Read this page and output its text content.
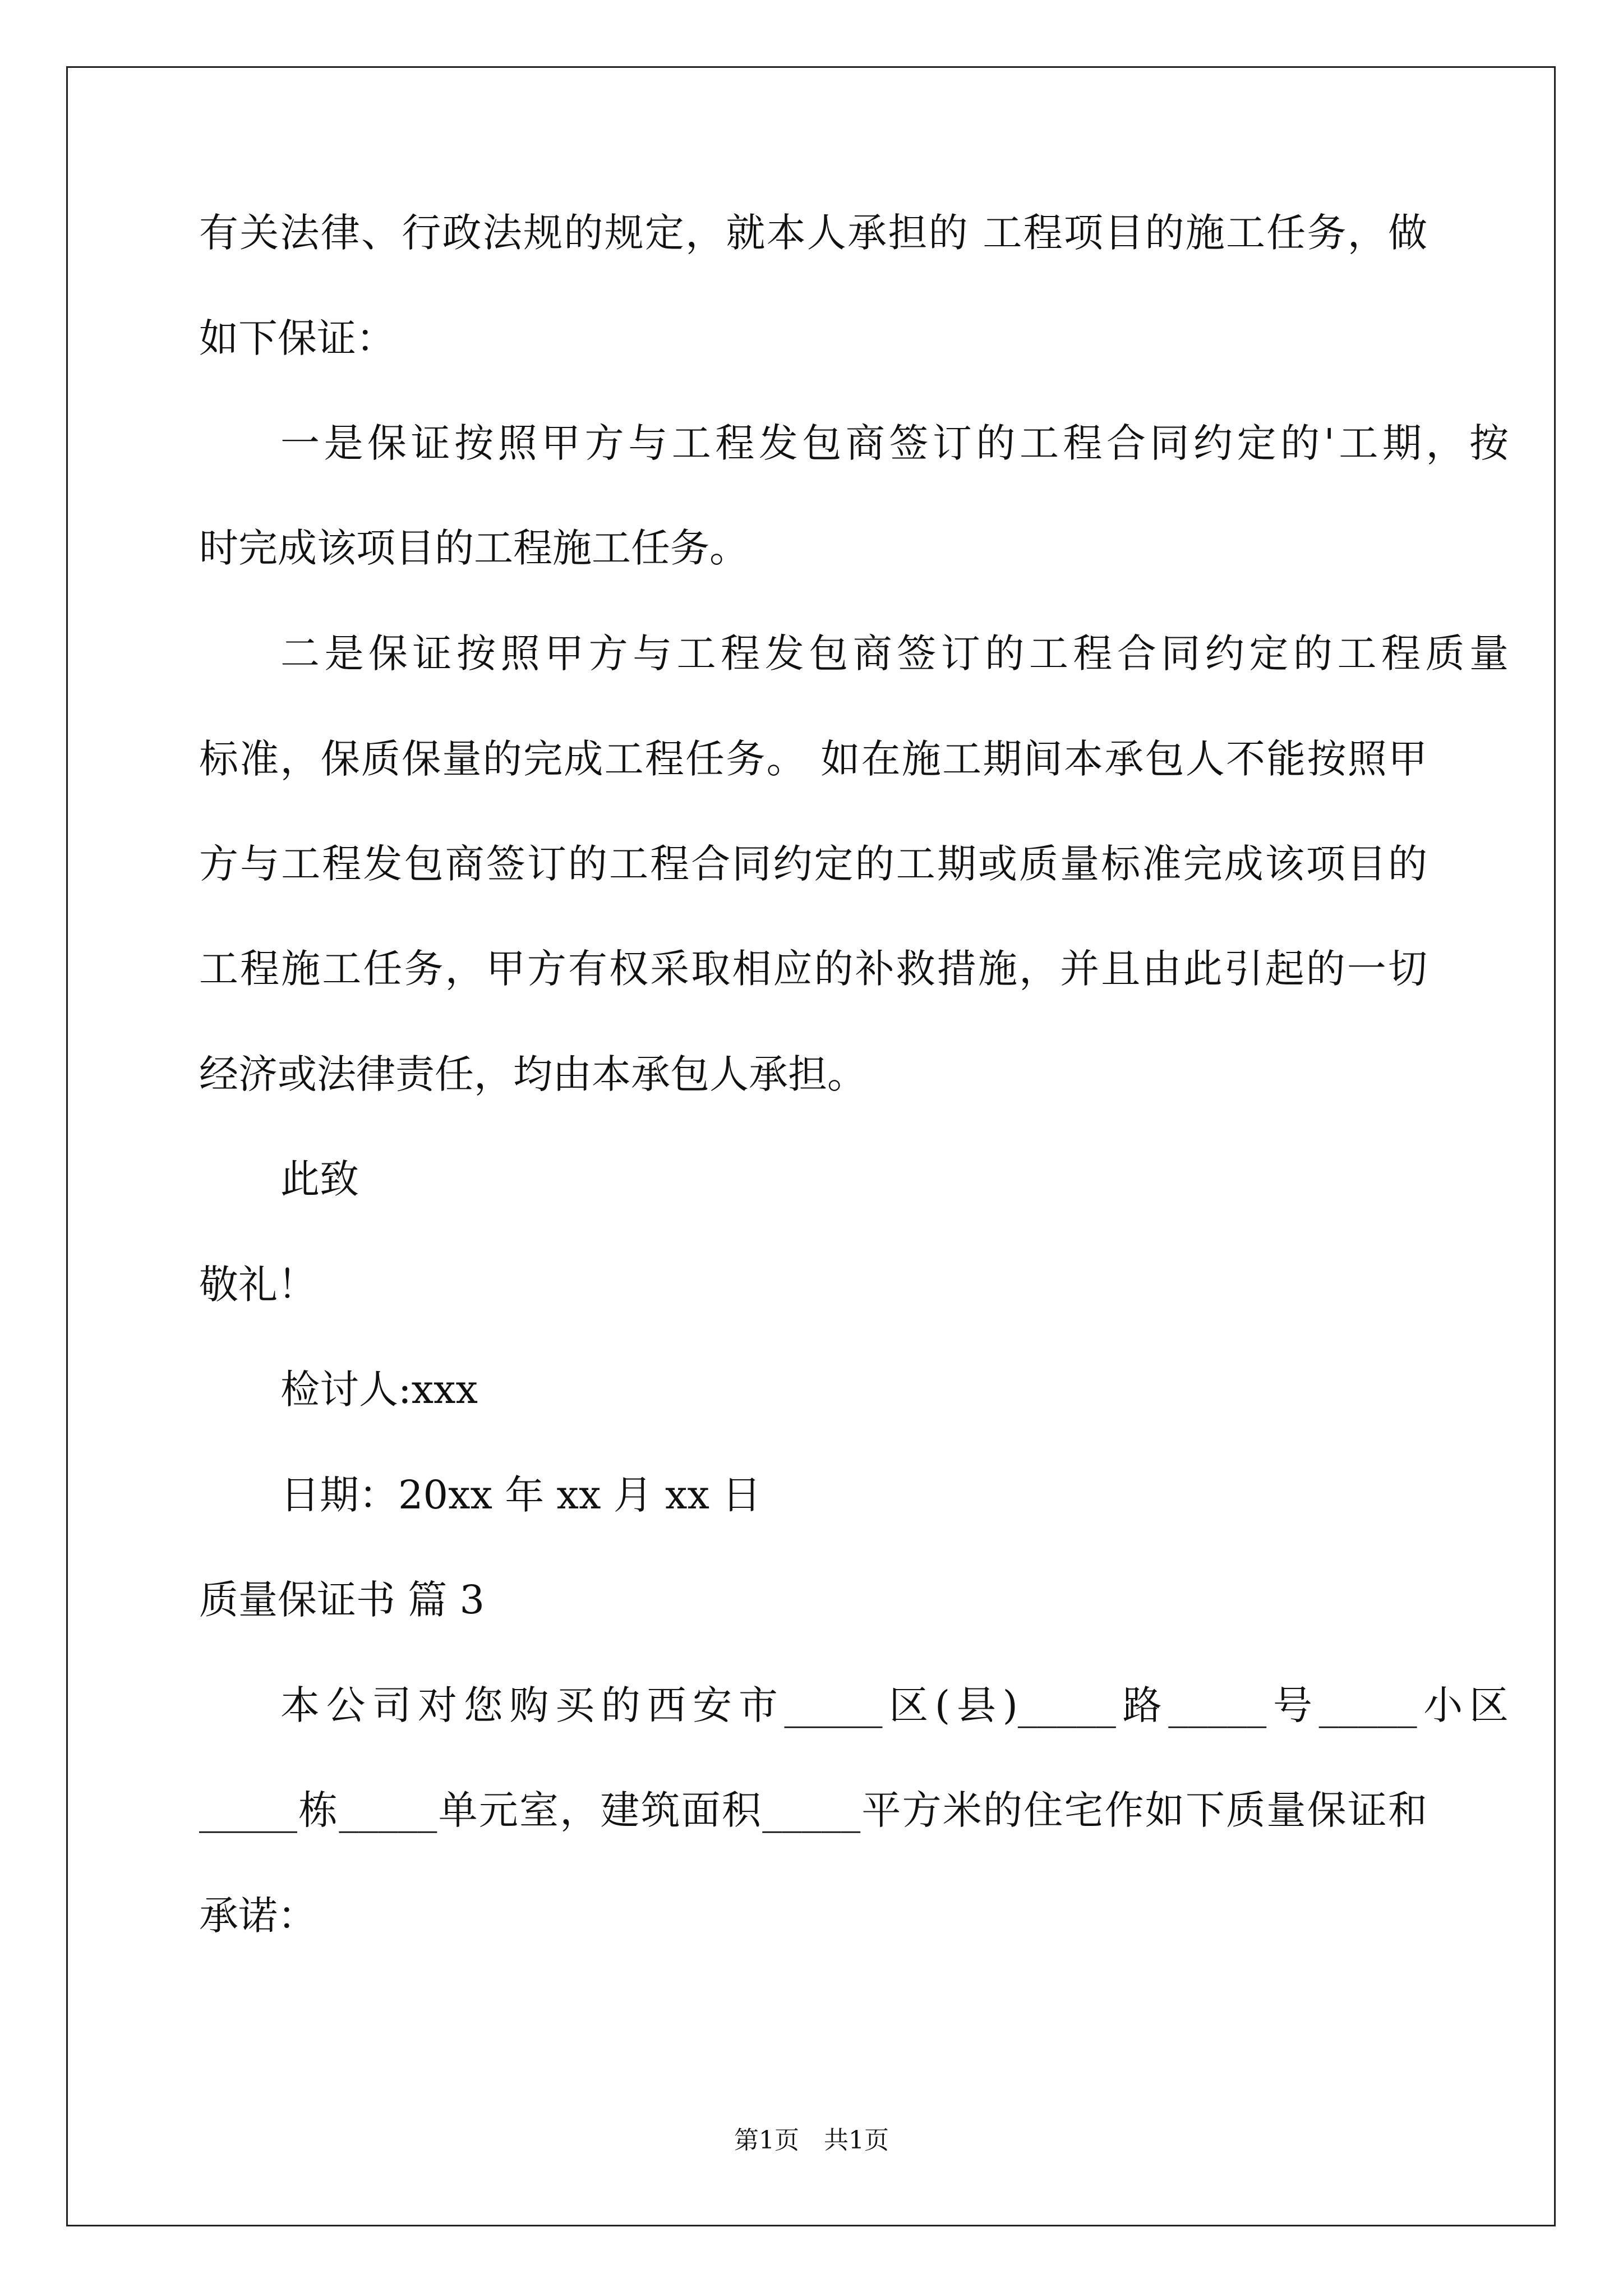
有关法律、行政法规的规定，就本人承担的 工程项目的施工任务，做
如下保证：
一是保证按照甲方与工程发包商签订的工程合同约定的'工期，按
时完成该项目的工程施工任务。
二是保证按照甲方与工程发包商签订的工程合同约定的工程质量
标准，保质保量的完成工程任务。 如在施工期间本承包人不能按照甲
方与工程发包商签订的工程合同约定的工期或质量标准完成该项目的
工程施工任务，甲方有权采取相应的补救措施，并且由此引起的一切
经济或法律责任，均由本承包人承担。
此致
敬礼！
检讨人:xxx
日期：20xx 年 xx 月 xx 日
质量保证书 篇 3
本公司对您购买的西安市_____区(县)_____路_____号_____小区
_____栋_____单元室，建筑面积_____平方米的住宅作如下质量保证和
承诺：
第1页　共1页
